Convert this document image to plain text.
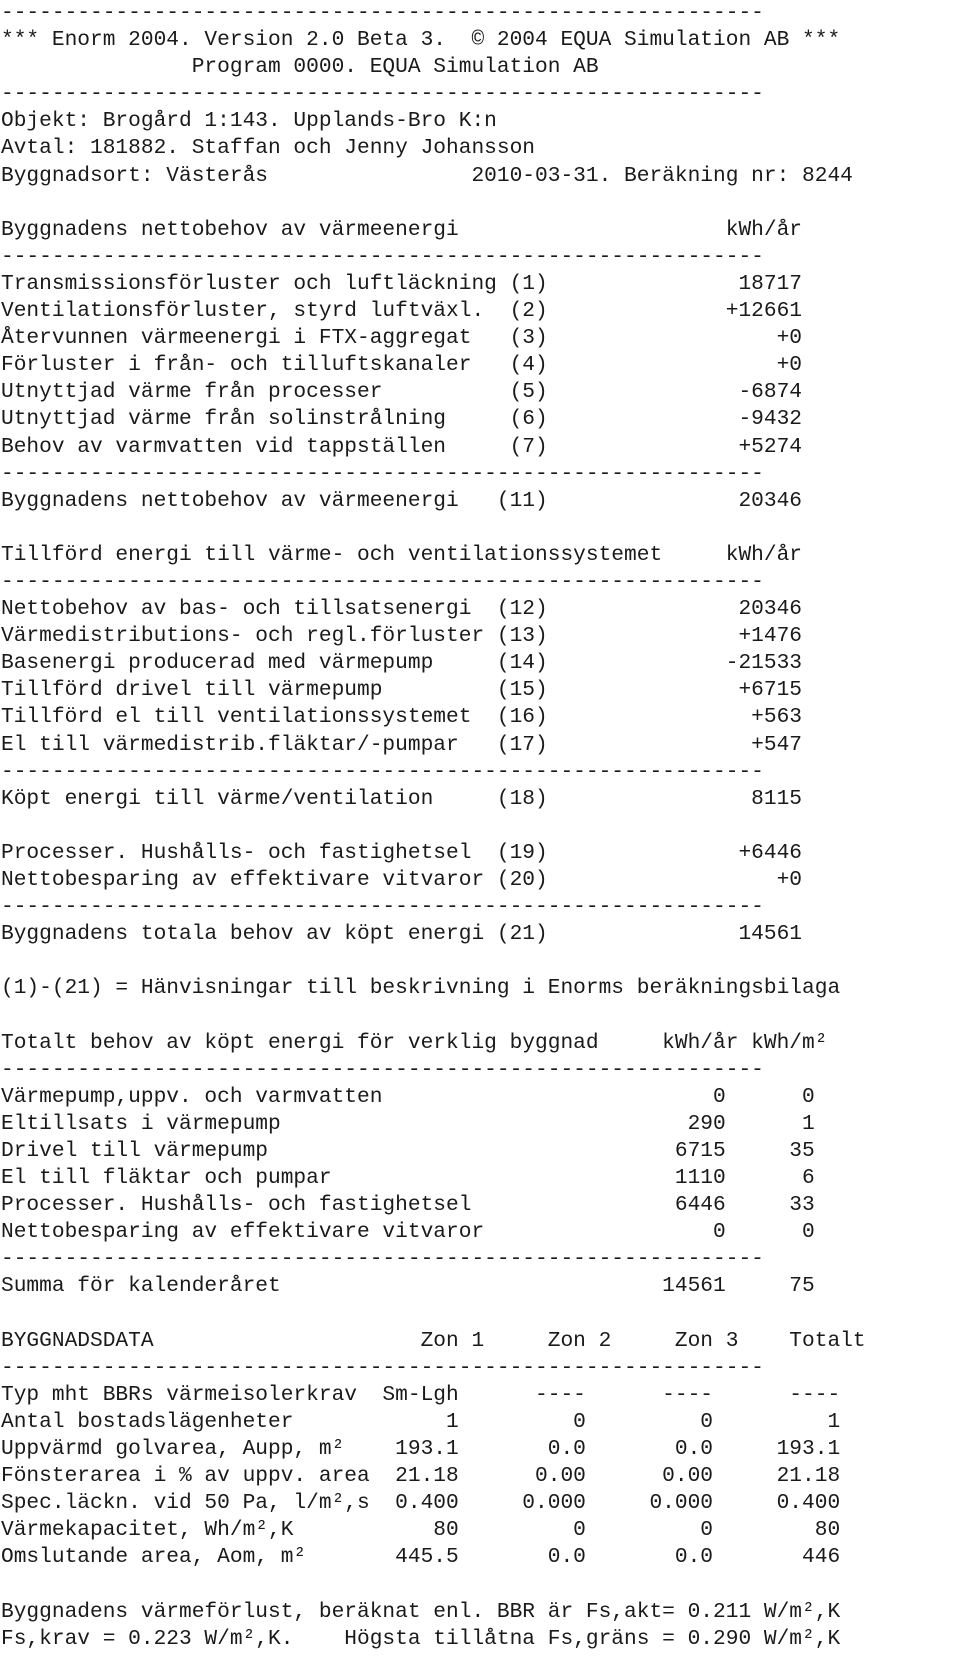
------------------------------------------------------------
*** Enorm 2004. Version 2.0 Beta 3.  © 2004 EQUA Simulation AB ***
Program 0000. EQUA Simulation AB
------------------------------------------------------------
Objekt: Brogård 1:143. Upplands-Bro K:n
Avtal: 181882. Staffan och Jenny Johansson
Byggnadsort: Västerås                2010-03-31. Beräkning nr: 8244
Byggnadens nettobehov av värmeenergi                     kWh/år
------------------------------------------------------------
Transmissionsförluster och luftläckning (1)               18717
Ventilationsförluster, styrd luftväxl.  (2)              +12661
Återvunnen värmeenergi i FTX-aggregat   (3)                  +0
Förluster i från- och tilluftskanaler   (4)                  +0
Utnyttjad värme från processer          (5)               -6874
Utnyttjad värme från solinstrålning     (6)               -9432
Behov av varmvatten vid tappställen     (7)               +5274
------------------------------------------------------------
Byggnadens nettobehov av värmeenergi   (11)               20346
Tillförd energi till värme- och ventilationssystemet     kWh/år
------------------------------------------------------------
Nettobehov av bas- och tillsatsenergi  (12)               20346
Värmedistributions- och regl.förluster (13)               +1476
Basenergi producerad med värmepump     (14)              -21533
Tillförd drivel till värmepump         (15)               +6715
Tillförd el till ventilationssystemet  (16)                +563
El till värmedistrib.fläktar/-pumpar   (17)                +547
------------------------------------------------------------
Köpt energi till värme/ventilation     (18)                8115
Processer. Hushålls- och fastighetsel  (19)               +6446
Nettobesparing av effektivare vitvaror (20)                  +0
------------------------------------------------------------
Byggnadens totala behov av köpt energi (21)               14561
(1)-(21) = Hänvisningar till beskrivning i Enorms beräkningsbilaga
Totalt behov av köpt energi för verklig byggnad     kWh/år kWh/m²
------------------------------------------------------------
Värmepump,uppv. och varmvatten                          0      0
Eltillsats i värmepump                                290      1
Drivel till värmepump                                6715     35
El till fläktar och pumpar                           1110      6
Processer. Hushålls- och fastighetsel                6446     33
Nettobesparing av effektivare vitvaror                  0      0
------------------------------------------------------------
Summa för kalenderåret                              14561     75
BYGGNADSDATA                     Zon 1     Zon 2     Zon 3    Totalt
------------------------------------------------------------
Typ mht BBRs värmeisolerkrav  Sm-Lgh      ----      ----      ----
Antal bostadslägenheter            1         0         0         1
Uppvärmd golvarea, Aupp, m²    193.1       0.0       0.0     193.1
Fönsterarea i % av uppv. area  21.18      0.00      0.00     21.18
Spec.läckn. vid 50 Pa, l/m²,s  0.400     0.000     0.000     0.400
Värmekapacitet, Wh/m²,K           80         0         0        80
Omslutande area, Aom, m²       445.5       0.0       0.0       446
Byggnadens värmeförlust, beräknat enl. BBR är Fs,akt= 0.211 W/m²,K
Fs,krav = 0.223 W/m²,K.    Högsta tillåtna Fs,gräns = 0.290 W/m²,K
